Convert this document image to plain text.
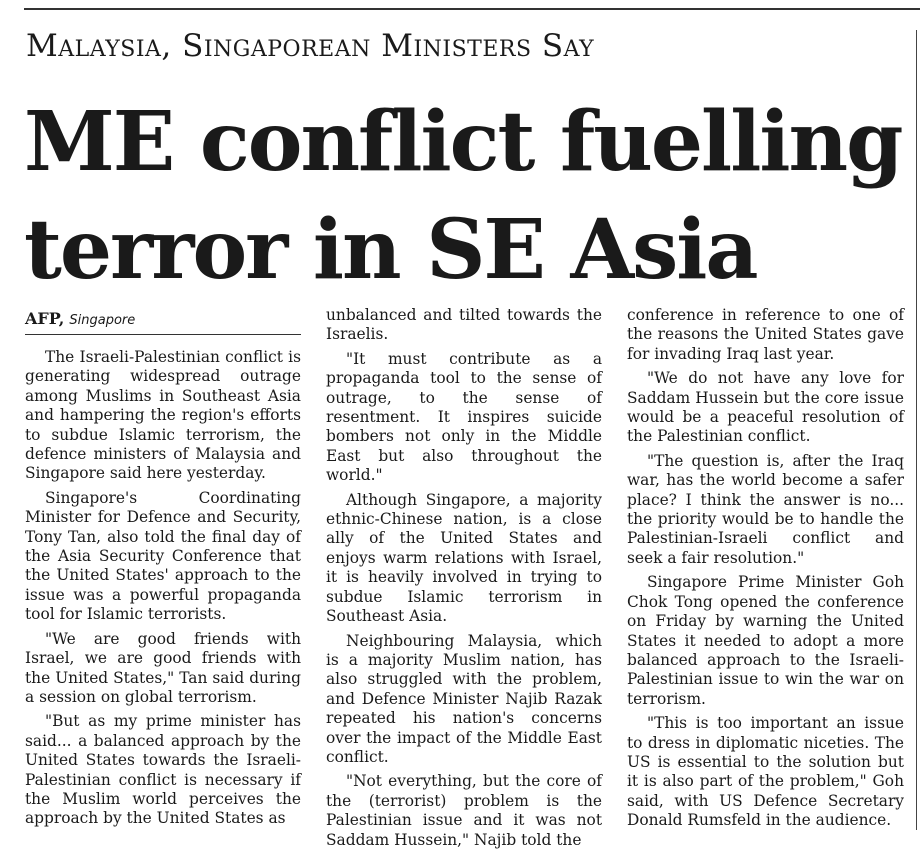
Malaysia, Singaporean Ministers Say
ME conflict fuelling
terror in SE Asia
AFP, Singapore

The Israeli-Palestinian conflict is generating widespread outrage among Muslims in Southeast Asia and hampering the region's efforts to subdue Islamic terrorism, the defence ministers of Malaysia and Singapore said here yesterday.

Singapore's Coordinating Minister for Defence and Security, Tony Tan, also told the final day of the Asia Security Conference that the United States' approach to the issue was a powerful propaganda tool for Islamic terrorists.

"We are good friends with Israel, we are good friends with the United States," Tan said during a session on global terrorism.

"But as my prime minister has said... a balanced approach by the United States towards the Israeli-Palestinian conflict is necessary if the Muslim world perceives the approach by the United States as

unbalanced and tilted towards the Israelis.

"It must contribute as a propaganda tool to the sense of outrage, to the sense of resentment. It inspires suicide bombers not only in the Middle East but also throughout the world."

Although Singapore, a majority ethnic-Chinese nation, is a close ally of the United States and enjoys warm relations with Israel, it is heavily involved in trying to subdue Islamic terrorism in Southeast Asia.

Neighbouring Malaysia, which is a majority Muslim nation, has also struggled with the problem, and Defence Minister Najib Razak repeated his nation's concerns over the impact of the Middle East conflict.

"Not everything, but the core of the (terrorist) problem is the Palestinian issue and it was not Saddam Hussein," Najib told the

conference in reference to one of the reasons the United States gave for invading Iraq last year.

"We do not have any love for Saddam Hussein but the core issue would be a peaceful resolution of the Palestinian conflict.

"The question is, after the Iraq war, has the world become a safer place? I think the answer is no... the priority would be to handle the Palestinian-Israeli conflict and seek a fair resolution."

Singapore Prime Minister Goh Chok Tong opened the conference on Friday by warning the United States it needed to adopt a more balanced approach to the Israeli-Palestinian issue to win the war on terrorism.

"This is too important an issue to dress in diplomatic niceties. The US is essential to the solution but it is also part of the problem," Goh said, with US Defence Secretary Donald Rumsfeld in the audience.
